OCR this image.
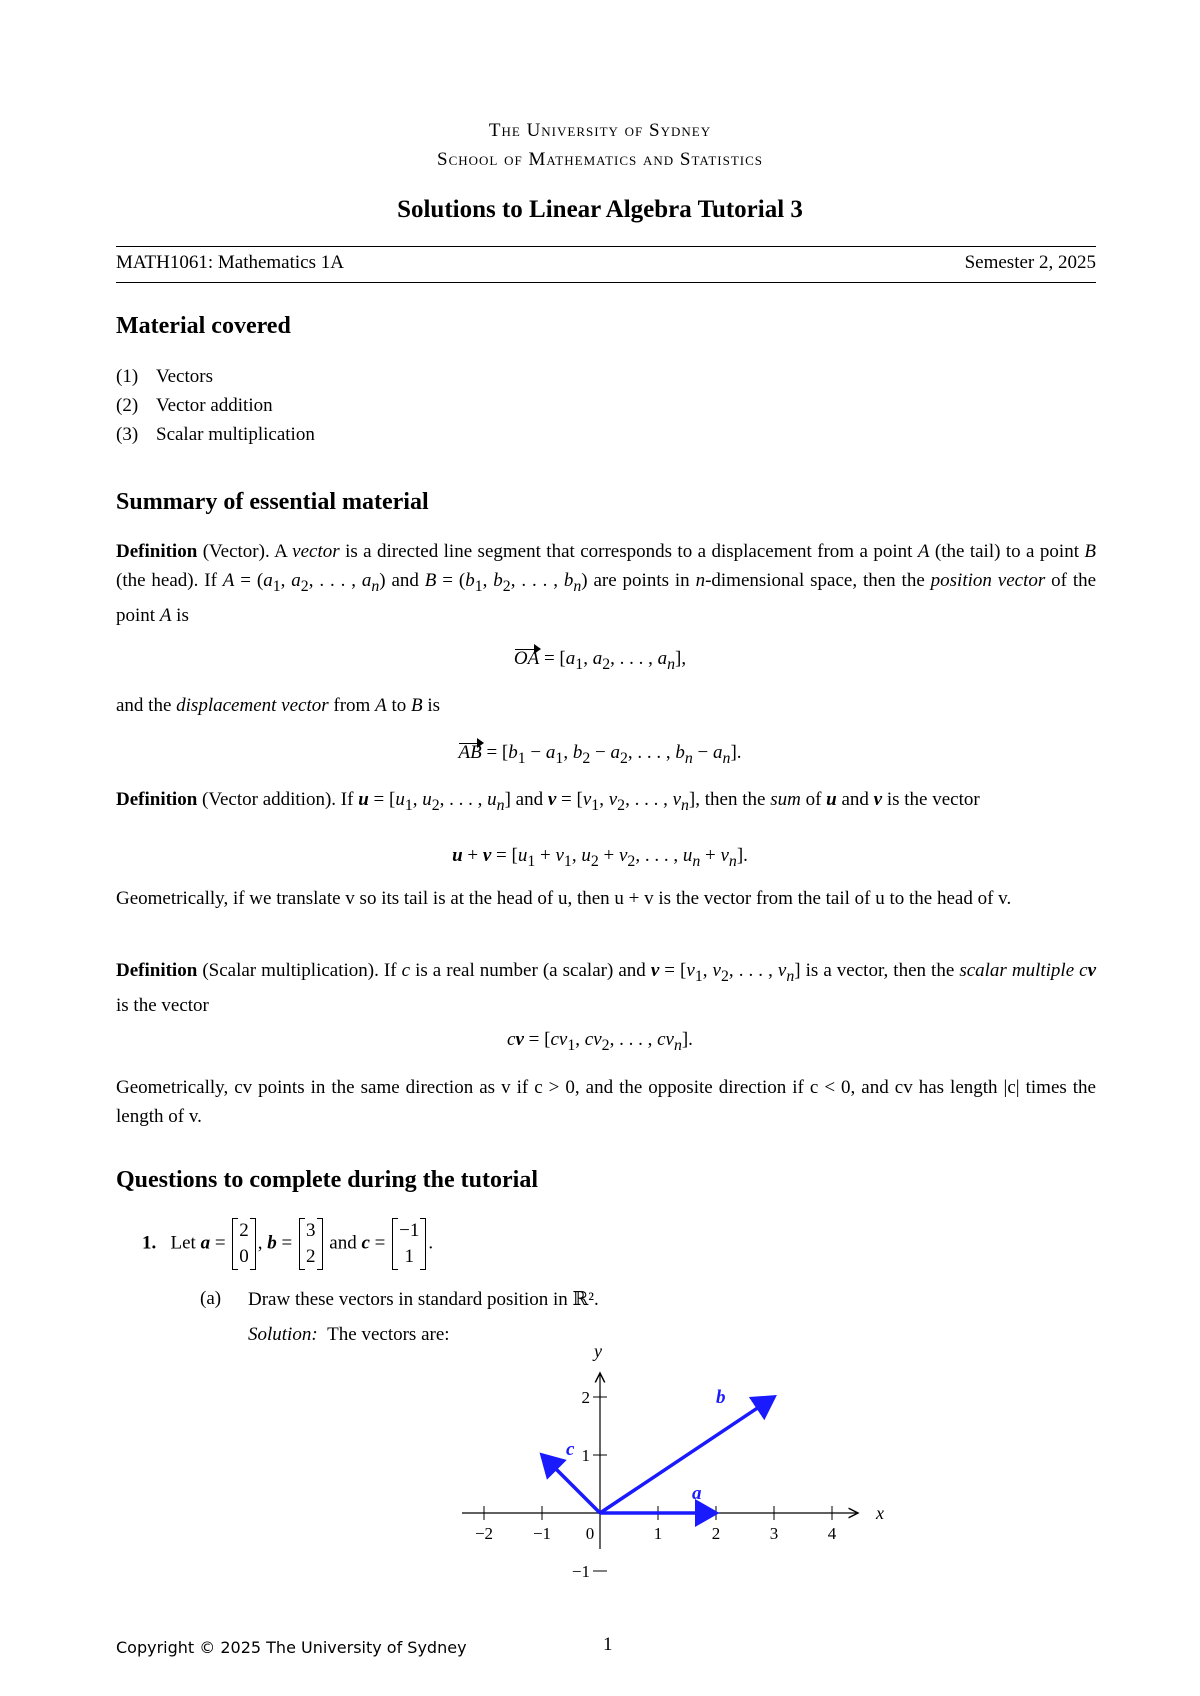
The University of Sydney
School of Mathematics and Statistics
Solutions to Linear Algebra Tutorial 3
MATH1061: Mathematics 1A	Semester 2, 2025
Material covered
(1) Vectors
(2) Vector addition
(3) Scalar multiplication
Summary of essential material
Definition (Vector). A vector is a directed line segment that corresponds to a displacement from a point A (the tail) to a point B (the head). If $A = (a_1$, $a_2$, . . . , $a_n$) and $B = (b_1$, $b_2$, . . . , $b_n$) are points in n-dimensional space, then the position vector of the point A is
OA = [$a_1$, $a_2$, . . . , $a_n$],
and the displacement vector from A to B is
AB = [$b_1 - a_1$, $b_2 - a_2$, . . . , $b_n - a_n$].
Definition (Vector addition). If $u = [u_1$, $u_2$, . . . , $u_n$] and $v = [v_1$, $v_2$, . . . , $v_n$], then the sum of u and v is the vector
$u + v = [u_1 + v_1$, $u_2 + v_2$, . . . , $u_n + v_n$].
Geometrically, if we translate v so its tail is at the head of u, then u + v is the vector from the tail of u to the head of v.
Definition (Scalar multiplication). If c is a real number (a scalar) and $v = [v_1$, $v_2$, . . . , $v_n$] is a vector, then the scalar multiple cv is the vector
cv = [$cv_1$, $cv_2$, . . . , $cv_n$].
Geometrically, cv points in the same direction as v if c > 0, and the opposite direction if c < 0, and cv has length |c| times the length of v.
Questions to complete during the tutorial
1.   Let a = 2
0, b = 3
2 and c = −1
1.
(a) Draw these vectors in standard position in ℝ².
Solution: The vectors are:
−2 −1 0	1	2	3	4
2
1
−1
x
y
a
b
c
Copyright © 2025 The University of Sydney	1
